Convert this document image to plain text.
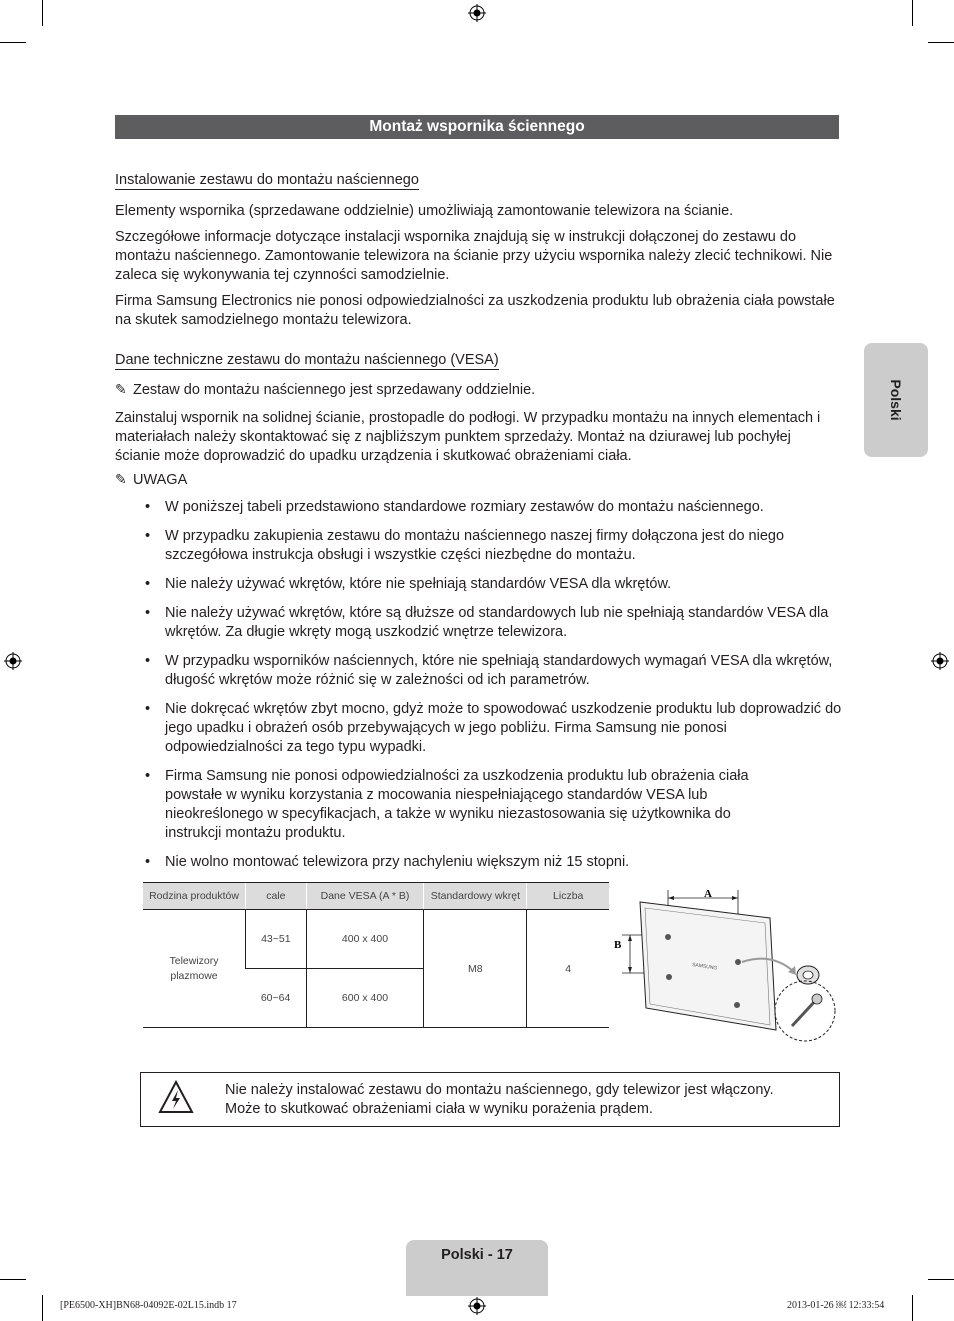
Montaż wspornika ściennego
Polski
Instalowanie zestawu do montażu naściennego

Elementy wspornika (sprzedawane oddzielnie) umożliwiają zamontowanie telewizora na ścianie.

Szczegółowe informacje dotyczące instalacji wspornika znajdują się w instrukcji dołączonej do zestawu do montażu naściennego. Zamontowanie telewizora na ścianie przy użyciu wspornika należy zlecić technikowi. Nie zaleca się wykonywania tej czynności samodzielnie.

Firma Samsung Electronics nie ponosi odpowiedzialności za uszkodzenia produktu lub obrażenia ciała powstałe na skutek samodzielnego montażu telewizora.

Dane techniczne zestawu do montażu naściennego (VESA)
✎ Zestaw do montażu naściennego jest sprzedawany oddzielnie.

Zainstaluj wspornik na solidnej ścianie, prostopadle do podłogi. W przypadku montażu na innych elementach i materiałach należy skontaktować się z najbliższym punktem sprzedaży. Montaż na dziurawej lub pochyłej ścianie może doprowadzić do upadku urządzenia i skutkować obrażeniami ciała.

✎ UWAGA
• W poniższej tabeli przedstawiono standardowe rozmiary zestawów do montażu naściennego.
• W przypadku zakupienia zestawu do montażu naściennego naszej firmy dołączona jest do niego szczegółowa instrukcja obsługi i wszystkie części niezbędne do montażu.
• Nie należy używać wkrętów, które nie spełniają standardów VESA dla wkrętów.
• Nie należy używać wkrętów, które są dłuższe od standardowych lub nie spełniają standardów VESA dla wkrętów. Za długie wkręty mogą uszkodzić wnętrze telewizora.
• W przypadku wsporników naściennych, które nie spełniają standardowych wymagań VESA dla wkrętów, długość wkrętów może różnić się w zależności od ich parametrów.
• Nie dokręcać wkrętów zbyt mocno, gdyż może to spowodować uszkodzenie produktu lub doprowadzić do jego upadku i obrażeń osób przebywających w jego pobliżu. Firma Samsung nie ponosi odpowiedzialności za tego typu wypadki.
• Firma Samsung nie ponosi odpowiedzialności za uszkodzenia produktu lub obrażenia ciała powstałe w wyniku korzystania z mocowania niespełniającego standardów VESA lub nieokreślonego w specyfikacjach, a także w wyniku niezastosowania się użytkownika do instrukcji montażu produktu.
• Nie wolno montować telewizora przy nachyleniu większym niż 15 stopni.
Rodzina produktów	cale	Dane VESA (A * B)	Standardowy wkręt	Liczba

Telewizory plazmowe	43~51	400 x 400	M8	4
	60~64	600 x 400		
A
B
SAMSUNG
Nie należy instalować zestawu do montażu naściennego, gdy telewizor jest włączony.
Może to skutkować obrażeniami ciała w wyniku porażenia prądem.
Polski - 17
[PE6500-XH]BN68-04092E-02L15.indb 17	2013-01-26 ￼ 12:33:54
